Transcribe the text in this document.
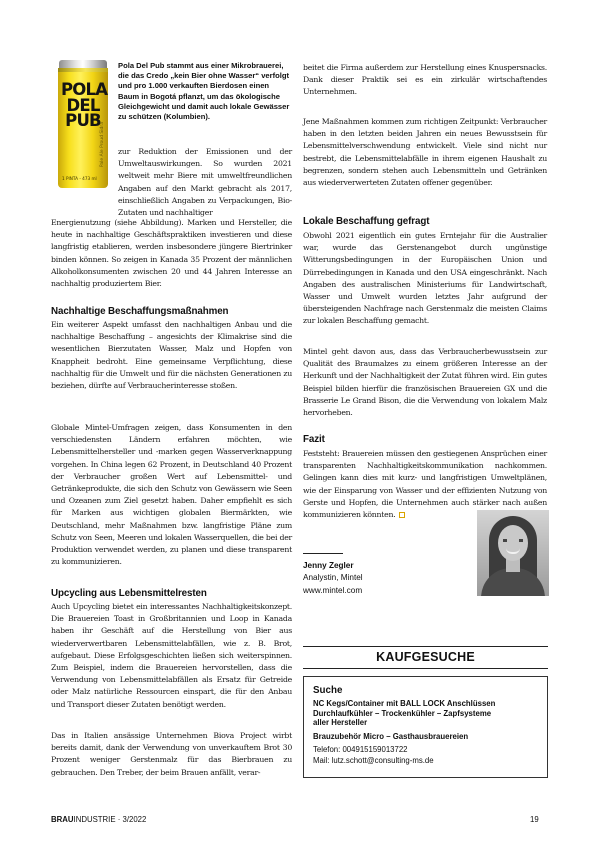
POLA
DEL
PUB
Pale Ale Proud Sidra
1 PINTA - 473 ml
Pola Del Pub stammt aus einer Mikrobrauerei, die das Credo „kein Bier ohne Wasser“ verfolgt und pro 1.000 verkauften Bierdosen einen Baum in Bogotá pflanzt, um das ökologische Gleichgewicht und damit auch lokale Gewässer zu schützen (Kolumbien).

zur Reduktion der Emissionen und der Umweltauswirkungen. So wurden 2021 weltweit mehr Biere mit umweltfreundlichen Angaben auf den Markt gebracht als 2017, einschließlich Angaben zu Verpackungen, Bio-Zutaten und nachhaltiger

Energienutzung (siehe Abbildung). Marken und Hersteller, die heute in nachhaltige Geschäftspraktiken investieren und diese langfristig etablieren, werden insbesondere jüngere Biertrinker binden können. So zeigen in Kanada 35 Prozent der männlichen Alkoholkonsumenten zwischen 20 und 44 Jahren Interesse an nachhaltig produziertem Bier.

Nachhaltige Beschaffungsmaßnahmen

Ein weiterer Aspekt umfasst den nachhaltigen Anbau und die nachhaltige Beschaffung – angesichts der Klimakrise sind die wesentlichen Bierzutaten Wasser, Malz und Hopfen von Knappheit bedroht. Eine gemeinsame Verpflichtung, diese nachhaltig für die Umwelt und für die nächsten Generationen zu beziehen, dürfte auf Verbraucherinteresse stoßen.

Globale Mintel-Umfragen zeigen, dass Konsumenten in den verschiedensten Ländern erfahren möchten, wie Lebensmittelhersteller und -marken gegen Wasserverknappung vorgehen. In China legen 62 Prozent, in Deutschland 40 Prozent der Verbraucher großen Wert auf Lebensmittel- und Getränkeprodukte, die sich den Schutz von Gewässern wie Seen und Ozeanen zum Ziel gesetzt haben. Daher empfiehlt es sich für Marken aus wichtigen globalen Biermärkten, wie Deutschland, mehr Maßnahmen bzw. langfristige Pläne zum Schutz von Seen, Meeren und lokalen Wasserquellen, die bei der Produktion verwendet werden, zu planen und diese transparent zu kommunizieren.

Upcycling aus Lebensmittelresten

Auch Upcycling bietet ein interessantes Nachhaltigkeitskonzept. Die Brauereien Toast in Großbritannien und Loop in Kanada haben ihr Geschäft auf die Herstellung von Bier aus wiederverwertbaren Lebensmittelabfällen, wie z. B. Brot, aufgebaut. Diese Erfolgsgeschichten ließen sich weiterspinnen. Zum Beispiel, indem die Brauereien hervorstellen, dass die Verwendung von Lebensmittelabfällen als Ersatz für Getreide oder Malz natürliche Ressourcen einspart, die für den Anbau und Transport dieser Zutaten benötigt werden.

Das in Italien ansässige Unternehmen Biova Project wirbt bereits damit, dank der Verwendung von unverkauftem Brot 30 Prozent weniger Gerstenmalz für das Bierbrauen zu gebrauchen. Den Treber, der beim Brauen anfällt, verar-

beitet die Firma außerdem zur Herstellung eines Knuspersnacks. Dank dieser Praktik sei es ein zirkulär wirtschaftendes Unternehmen.

Jene Maßnahmen kommen zum richtigen Zeitpunkt: Verbraucher haben in den letzten beiden Jahren ein neues Bewusstsein für Lebensmittelverschwendung entwickelt. Viele sind nicht nur bestrebt, die Lebensmittelabfälle in ihrem eigenen Haushalt zu begrenzen, sondern stehen auch Lebensmitteln und Getränken aus wiederverwerteten Zutaten offener gegenüber.

Lokale Beschaffung gefragt

Obwohl 2021 eigentlich ein gutes Erntejahr für die Australier war, wurde das Gerstenangebot durch ungünstige Witterungsbedingungen in der Europäischen Union und Dürrebedingungen in Kanada und den USA eingeschränkt. Nach Angaben des australischen Ministeriums für Landwirtschaft, Wasser und Umwelt wurden letztes Jahr aufgrund der übersteigenden Nachfrage nach Gerstenmalz die meisten Claims zur lokalen Beschaffung gemacht.

Mintel geht davon aus, dass das Verbraucherbewusstsein zur Qualität des Braumalzes zu einem größeren Interesse an der Herkunft und der Nachhaltigkeit der Zutat führen wird. Ein gutes Beispiel bilden hierfür die französischen Brauereien GX und die Brasserie Le Grand Bison, die die Verwendung von lokalem Malz hervorheben.

Fazit

Feststeht: Brauereien müssen den gestiegenen Ansprüchen einer transparenten Nachhaltigkeitskommunikation nachkommen. Gelingen kann dies mit kurz- und langfristigen Umweltplänen, wie der Einsparung von Wasser und der effizienten Nutzung von Gerste und Hopfen, die Unternehmen auch stärker nach außen kommunizieren könnten.

Jenny Zegler
Analystin, Mintel
www.mintel.com
KAUFGESUCHE
Suche
NC Kegs/Container mit BALL LOCK Anschlüssen
Durchlaufkühler – Trockenkühler – Zapfsysteme
aller Hersteller
Brauzubehör Micro – Gasthausbrauereien
Telefon: 004915159013722
Mail: lutz.schott@consulting-ms.de
BRAUINDUSTRIE · 3/2022	19
